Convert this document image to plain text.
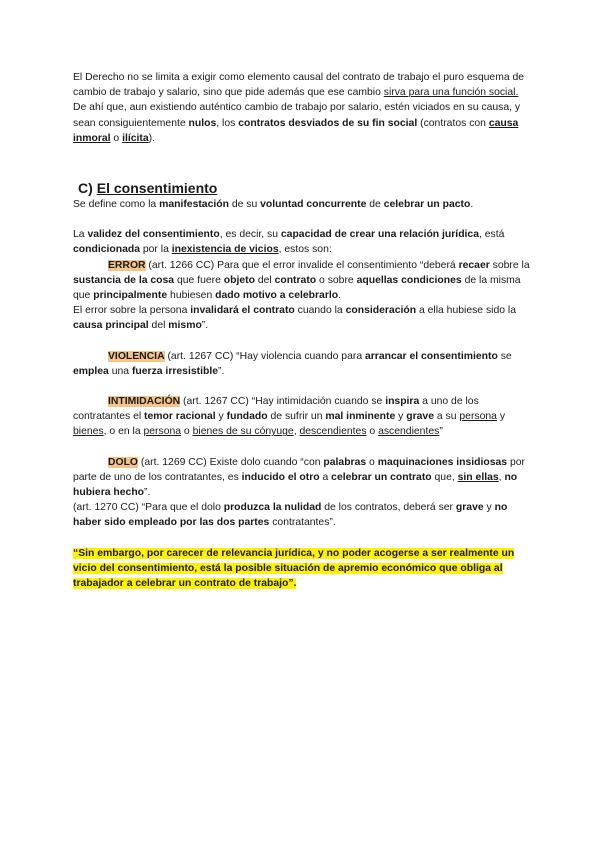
El Derecho no se limita a exigir como elemento causal del contrato de trabajo el puro esquema de cambio de trabajo y salario, sino que pide además que ese cambio sirva para una función social.
De ahí que, aun existiendo auténtico cambio de trabajo por salario, estén viciados en su causa, y sean consiguientemente nulos, los contratos desviados de su fin social (contratos con causa inmoral o ilícita).

C) El consentimiento

Se define como la manifestación de su voluntad concurrente de celebrar un pacto.

La validez del consentimiento, es decir, su capacidad de crear una relación jurídica, está condicionada por la inexistencia de vicios, estos son:

ERROR (art. 1266 CC) Para que el error invalide el consentimiento “deberá recaer sobre la sustancia de la cosa que fuere objeto del contrato o sobre aquellas condiciones de la misma que principalmente hubiesen dado motivo a celebrarlo.
El error sobre la persona invalidará el contrato cuando la consideración a ella hubiese sido la causa principal del mismo”.

VIOLENCIA (art. 1267 CC) “Hay violencia cuando para arrancar el consentimiento se emplea una fuerza irresistible”.

INTIMIDACIÓN (art. 1267 CC) “Hay intimidación cuando se inspira a uno de los contratantes el temor racional y fundado de sufrir un mal inminente y grave a su persona y bienes, o en la persona o bienes de su cónyuge, descendientes o ascendientes”

DOLO (art. 1269 CC) Existe dolo cuando “con palabras o maquinaciones insidiosas por parte de uno de los contratantes, es inducido el otro a celebrar un contrato que, sin ellas, no hubiera hecho”.
(art. 1270 CC) “Para que el dolo produzca la nulidad de los contratos, deberá ser grave y no haber sido empleado por las dos partes contratantes”.

“Sin embargo, por carecer de relevancia jurídica, y no poder acogerse a ser realmente un vicio del consentimiento, está la posible situación de apremio económico que obliga al trabajador a celebrar un contrato de trabajo”.
